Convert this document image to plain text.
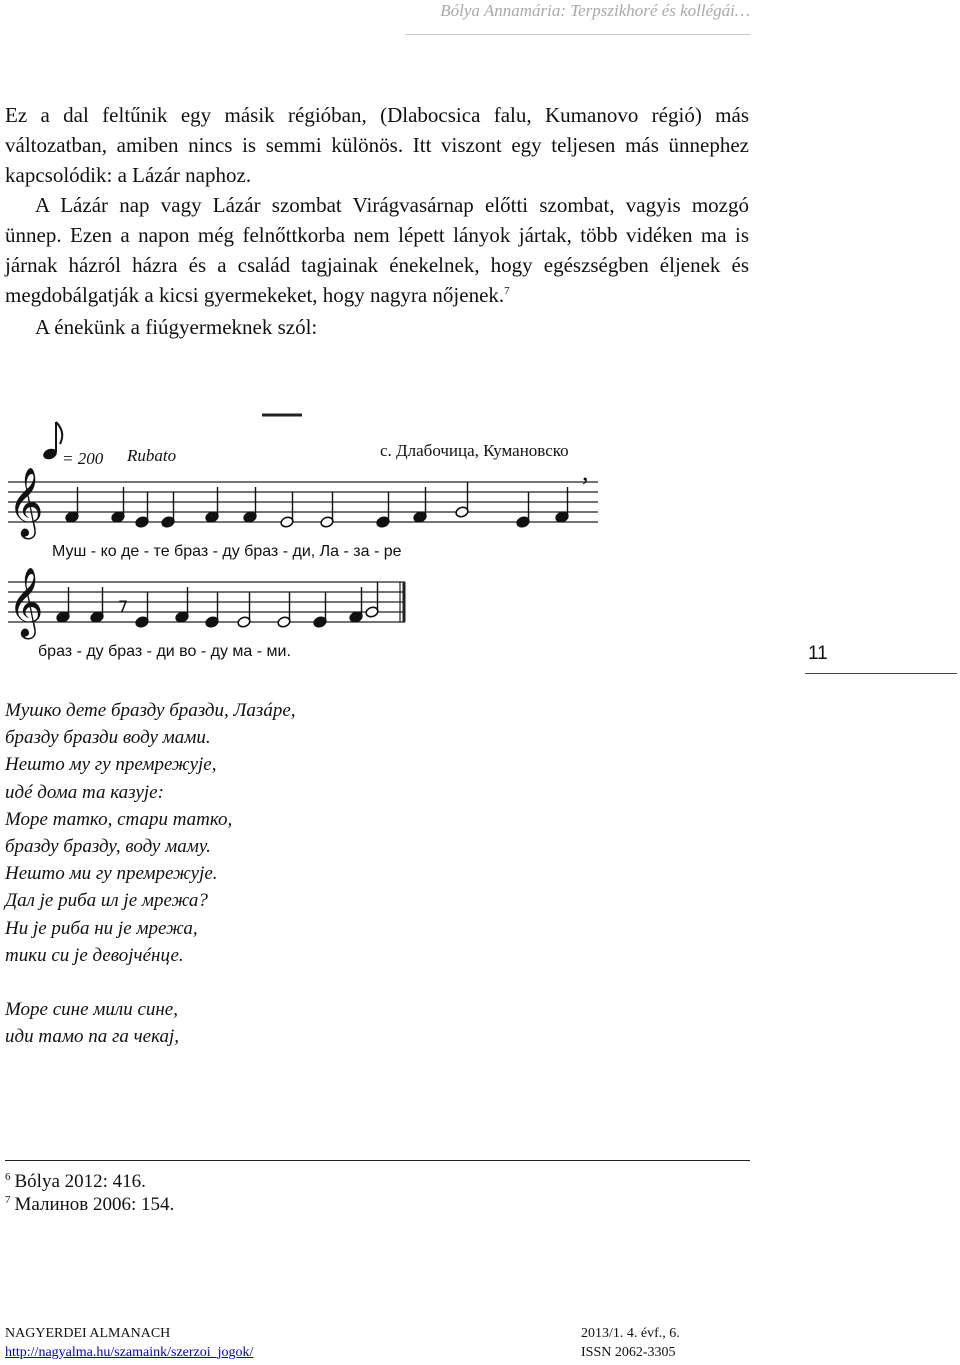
Bólya Annamária: Terpszikhoré és kollégái…

Ez a dal feltűnik egy másik régióban, (Dlabocsica falu, Kumanovo régió) más változatban, amiben nincs is semmi különös. Itt viszont egy teljesen más ünnephez kapcsolódik: a Lázár naphoz.

A Lázár nap vagy Lázár szombat Virágvasárnap előtti szombat, vagyis mozgó ünnep. Ezen a napon még felnőttkorba nem lépett lányok jártak, több vidéken ma is járnak házról házra és a család tagjainak énekelnek, hogy egészségben éljenek és megdobálgatják a kicsi gyermekeket, hogy nagyra nőjenek.$^7$

A énekünk a fiúgyermeknek szól:

= 200 Rubato	с. Длабочица, Кумановско
𝄞	,
Муш - ко де - те браз - ду браз - ди, Ла - за - ре
𝄞	7
браз - ду браз - ди во - ду ма - ми.	11
Мушко дете бразду бразди, Лазáре,
бразду бразди воду мами.
Нешто му гу премрежује,
идé дома та казује:
Море татко, стари татко,
бразду бразду, воду маму.
Нешто ми гу премрежује.
Дал је риба ил је мрежа?
Ни је риба ни је мрежа,
тики си је девојчéнце.
Море сине мили сине,
иди тамо па га чекај,
$^6$ Bólya 2012: 416.
$^7$ Малинов 2006: 154.
NAGYERDEI ALMANACH	2013/1. 4. évf., 6.
http://nagyalma.hu/szamaink/szerzoi_jogok/	ISSN 2062-3305
